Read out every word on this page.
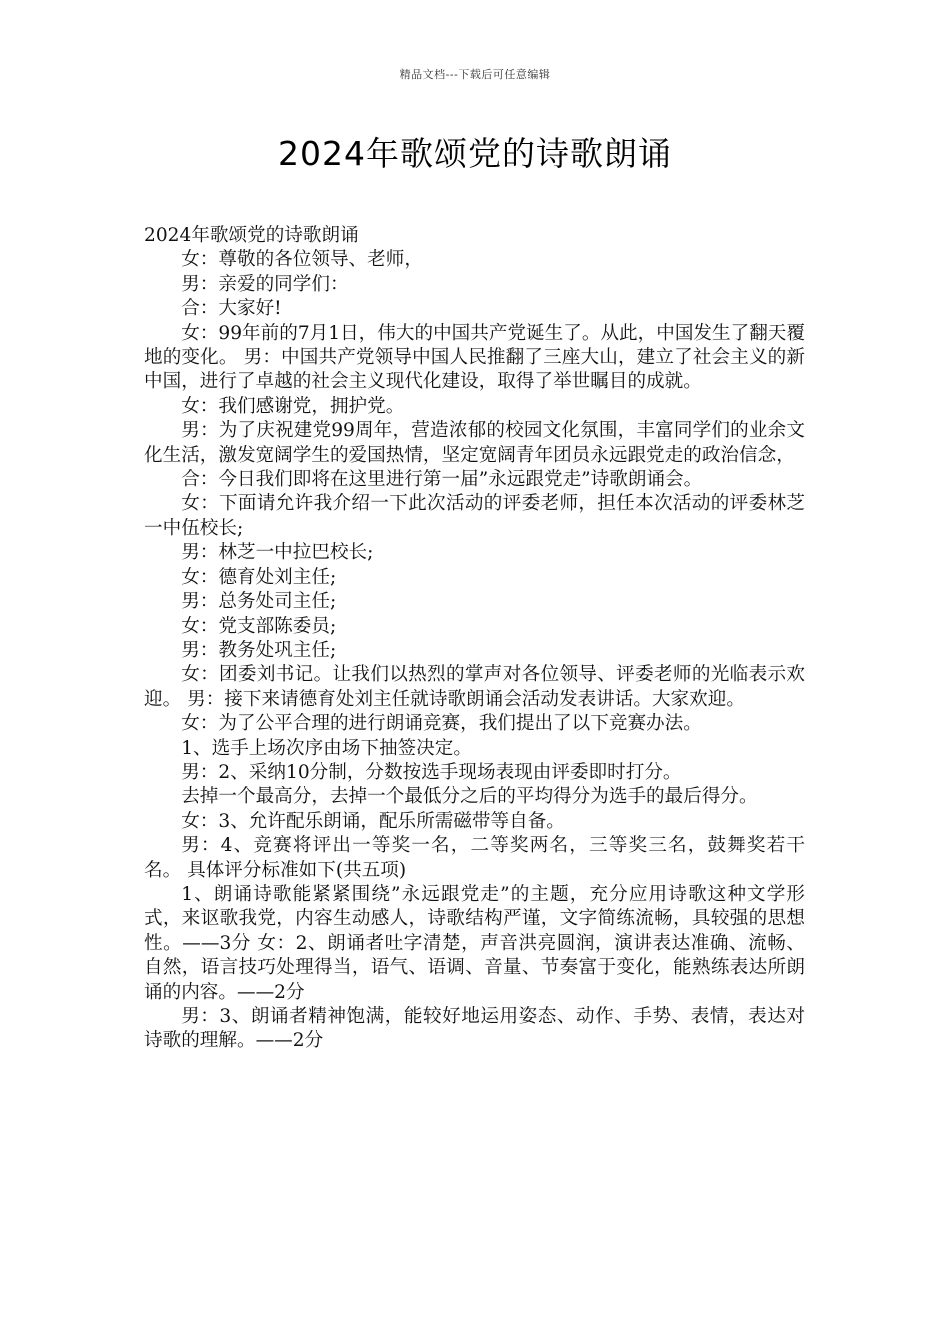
精品文档---下载后可任意编辑
2024年歌颂党的诗歌朗诵

2024年歌颂党的诗歌朗诵

女：尊敬的各位领导、老师，

男：亲爱的同学们：

合：大家好!

女：99年前的7月1日，伟大的中国共产党诞生了。从此，中国发生了翻天覆地的变化。 男：中国共产党领导中国人民推翻了三座大山，建立了社会主义的新中国，进行了卓越的社会主义现代化建设，取得了举世瞩目的成就。

女：我们感谢党，拥护党。

男：为了庆祝建党99周年，营造浓郁的校园文化氛围，丰富同学们的业余文化生活，激发宽阔学生的爱国热情，坚定宽阔青年团员永远跟党走的政治信念，

合：今日我们即将在这里进行第一届”永远跟党走”诗歌朗诵会。

女：下面请允许我介绍一下此次活动的评委老师，担任本次活动的评委林芝一中伍校长;

男：林芝一中拉巴校长;

女：德育处刘主任;

男：总务处司主任;

女：党支部陈委员;

男：教务处巩主任;

女：团委刘书记。让我们以热烈的掌声对各位领导、评委老师的光临表示欢迎。 男：接下来请德育处刘主任就诗歌朗诵会活动发表讲话。大家欢迎。

女：为了公平合理的进行朗诵竞赛，我们提出了以下竞赛办法。

1、选手上场次序由场下抽签决定。

男：2、采纳10分制，分数按选手现场表现由评委即时打分。

去掉一个最高分，去掉一个最低分之后的平均得分为选手的最后得分。

女：3、允许配乐朗诵，配乐所需磁带等自备。

男：4、竞赛将评出一等奖一名，二等奖两名，三等奖三名，鼓舞奖若干名。 具体评分标准如下(共五项)

1、朗诵诗歌能紧紧围绕”永远跟党走”的主题，充分应用诗歌这种文学形式，来讴歌我党，内容生动感人，诗歌结构严谨，文字简练流畅，具较强的思想性。——3分 女：2、朗诵者吐字清楚，声音洪亮圆润，演讲表达准确、流畅、自然，语言技巧处理得当，语气、语调、音量、节奏富于变化，能熟练表达所朗诵的内容。——2分

男：3、朗诵者精神饱满，能较好地运用姿态、动作、手势、表情，表达对诗歌的理解。——2分
